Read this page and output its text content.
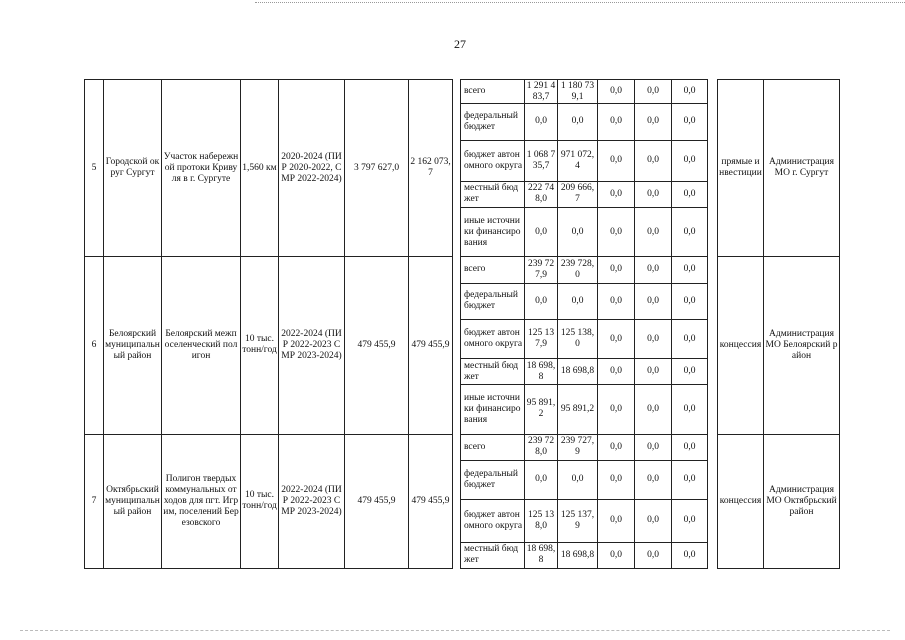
27
5	Городской округ Сургут	Участок набережной протоки Кривуля в г. Сургуте	1,560 км	2020-2024 (ПИР 2020-2022, СМР 2022-2024)	3 797 627,0	2 162 073,7		всего	1 291 483,7	1 180 739,1	0,0	0,0	0,0		прямые инвестиции	Администрация МО г. Сургут
								федеральный бюджет	0,0	0,0	0,0	0,0	0,0			
								бюджет автономного округа	1 068 735,7	971 072,4	0,0	0,0	0,0			
								местный бюджет	222 748,0	209 666,7	0,0	0,0	0,0			
								иные источники финансирования	0,0	0,0	0,0	0,0	0,0			
6	Белоярский муниципальный район	Белоярский межпоселенческий полигон	10 тыс. тонн/год	2022-2024 (ПИР 2022-2023 СМР 2023-2024)	479 455,9	479 455,9		всего	239 727,9	239 728,0	0,0	0,0	0,0		концессия	Администрация МО Белоярский район
								федеральный бюджет	0,0	0,0	0,0	0,0	0,0			
								бюджет автономного округа	125 137,9	125 138,0	0,0	0,0	0,0			
								местный бюджет	18 698,8	18 698,8	0,0	0,0	0,0			
								иные источники финансирования	95 891,2	95 891,2	0,0	0,0	0,0			
7	Октябрьский муниципальный район	Полигон твердых коммунальных отходов для пгт. Игрим, поселений Березовского	10 тыс. тонн/год	2022-2024 (ПИР 2022-2023 СМР 2023-2024)	479 455,9	479 455,9		всего	239 728,0	239 727,9	0,0	0,0	0,0		концессия	Администрация МО Октябрьский район
								федеральный бюджет	0,0	0,0	0,0	0,0	0,0			
								бюджет автономного округа	125 138,0	125 137,9	0,0	0,0	0,0			
								местный бюджет	18 698,8	18 698,8	0,0	0,0	0,0			
